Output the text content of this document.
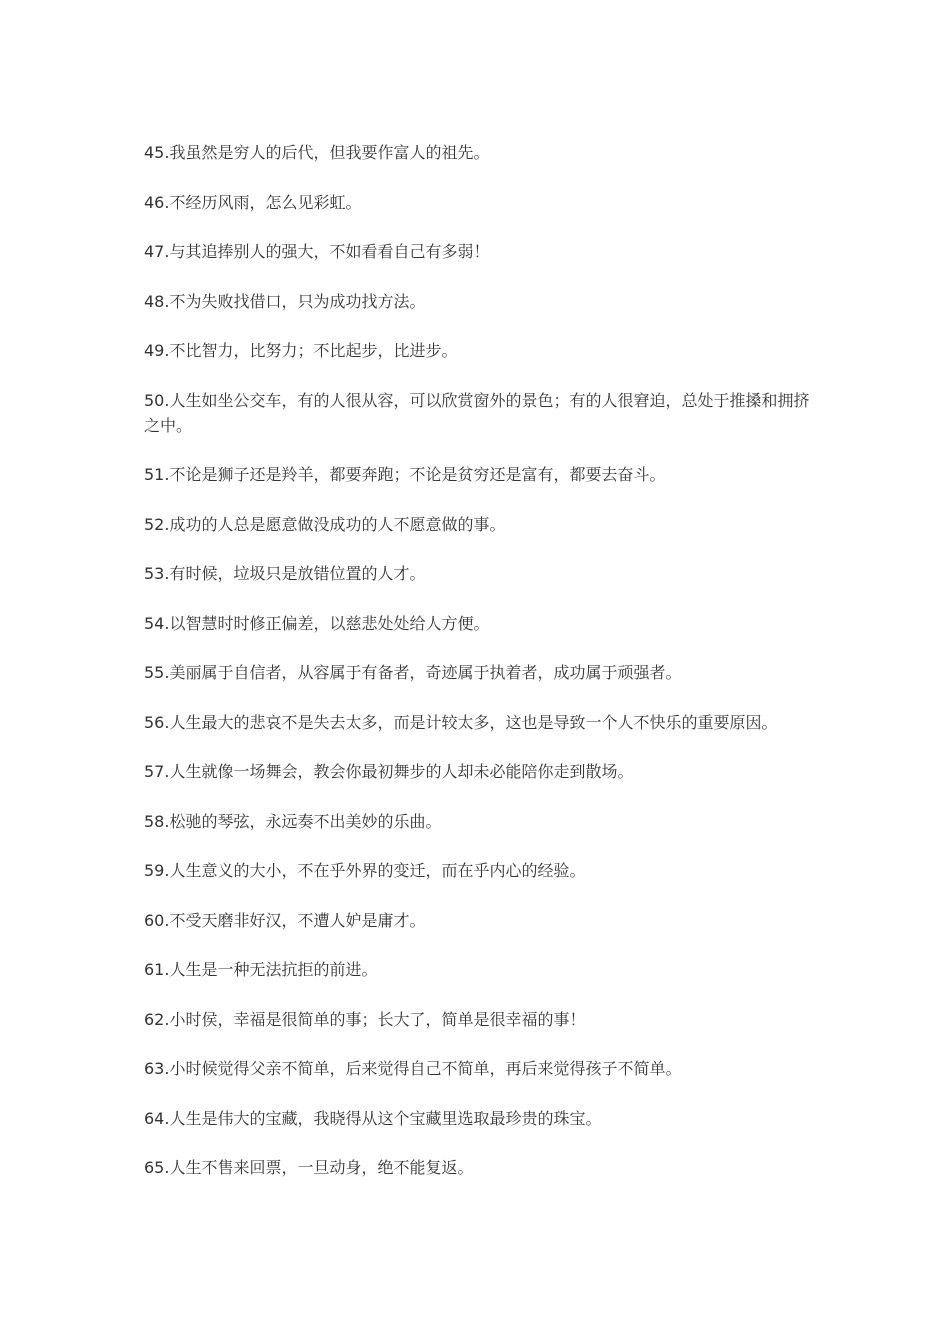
45.我虽然是穷人的后代，但我要作富人的祖先。

46.不经历风雨，怎么见彩虹。

47.与其追捧别人的强大，不如看看自己有多弱！

48.不为失败找借口，只为成功找方法。

49.不比智力，比努力；不比起步，比进步。

50.人生如坐公交车，有的人很从容，可以欣赏窗外的景色；有的人很窘迫，总处于推搡和拥挤之中。

51.不论是狮子还是羚羊，都要奔跑；不论是贫穷还是富有，都要去奋斗。

52.成功的人总是愿意做没成功的人不愿意做的事。

53.有时候，垃圾只是放错位置的人才。

54.以智慧时时修正偏差，以慈悲处处给人方便。

55.美丽属于自信者，从容属于有备者，奇迹属于执着者，成功属于顽强者。

56.人生最大的悲哀不是失去太多，而是计较太多，这也是导致一个人不快乐的重要原因。

57.人生就像一场舞会，教会你最初舞步的人却未必能陪你走到散场。

58.松驰的琴弦，永远奏不出美妙的乐曲。

59.人生意义的大小，不在乎外界的变迁，而在乎内心的经验。

60.不受天磨非好汉，不遭人妒是庸才。

61.人生是一种无法抗拒的前进。

62.小时侯，幸福是很简单的事；长大了，简单是很幸福的事！

63.小时候觉得父亲不简单，后来觉得自己不简单，再后来觉得孩子不简单。

64.人生是伟大的宝藏，我晓得从这个宝藏里选取最珍贵的珠宝。

65.人生不售来回票，一旦动身，绝不能复返。
